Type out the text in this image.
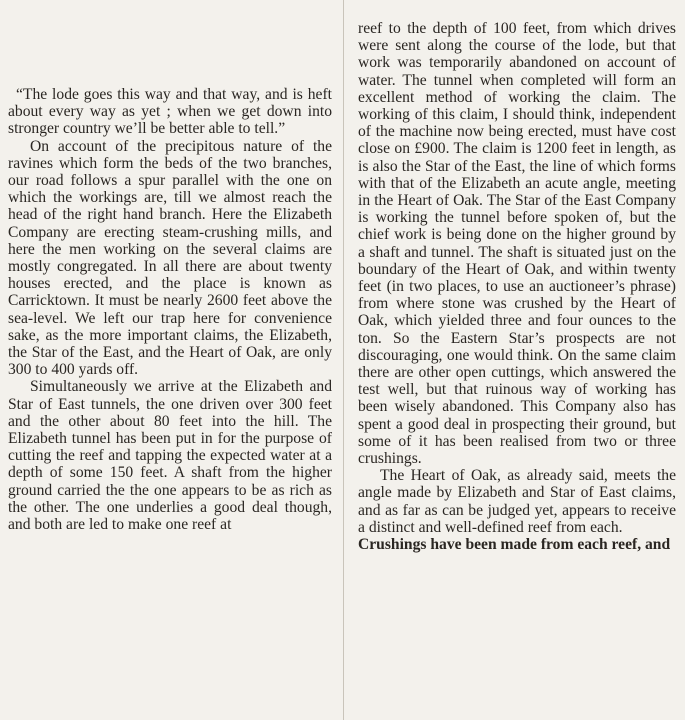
“The lode goes this way and that way, and is heft about every way as yet ; when we get down into stronger country we’ll be better able to tell.”

On account of the precipitous nature of the ravines which form the beds of the two branches, our road follows a spur parallel with the one on which the workings are, till we almost reach the head of the right hand branch. Here the Elizabeth Company are erecting steam-crushing mills, and here the men working on the several claims are mostly congregated. In all there are about twenty houses erected, and the place is known as Carricktown. It must be nearly 2600 feet above the sea-level. We left our trap here for convenience sake, as the more important claims, the Elizabeth, the Star of the East, and the Heart of Oak, are only 300 to 400 yards off.

Simultaneously we arrive at the Elizabeth and Star of East tunnels, the one driven over 300 feet and the other about 80 feet into the hill. The Elizabeth tunnel has been put in for the purpose of cutting the reef and tapping the expected water at a depth of some 150 feet. A shaft from the higher ground carried the the one appears to be as rich as the other. The one underlies a good deal though, and both are led to make one reef at

reef to the depth of 100 feet, from which drives were sent along the course of the lode, but that work was temporarily abandoned on account of water. The tunnel when completed will form an excellent method of working the claim. The working of this claim, I should think, independent of the machine now being erected, must have cost close on £900. The claim is 1200 feet in length, as is also the Star of the East, the line of which forms with that of the Elizabeth an acute angle, meeting in the Heart of Oak. The Star of the East Company is working the tunnel before spoken of, but the chief work is being done on the higher ground by a shaft and tunnel. The shaft is situated just on the boundary of the Heart of Oak, and within twenty feet (in two places, to use an auctioneer’s phrase) from where stone was crushed by the Heart of Oak, which yielded three and four ounces to the ton. So the Eastern Star’s prospects are not discouraging, one would think. On the same claim there are other open cuttings, which answered the test well, but that ruinous way of working has been wisely abandoned. This Company also has spent a good deal in prospecting their ground, but some of it has been realised from two or three crushings.

The Heart of Oak, as already said, meets the angle made by Elizabeth and Star of East claims, and as far as can be judged yet, appears to receive a distinct and well-defined reef from each.

Crushings have been made from each reef, and
